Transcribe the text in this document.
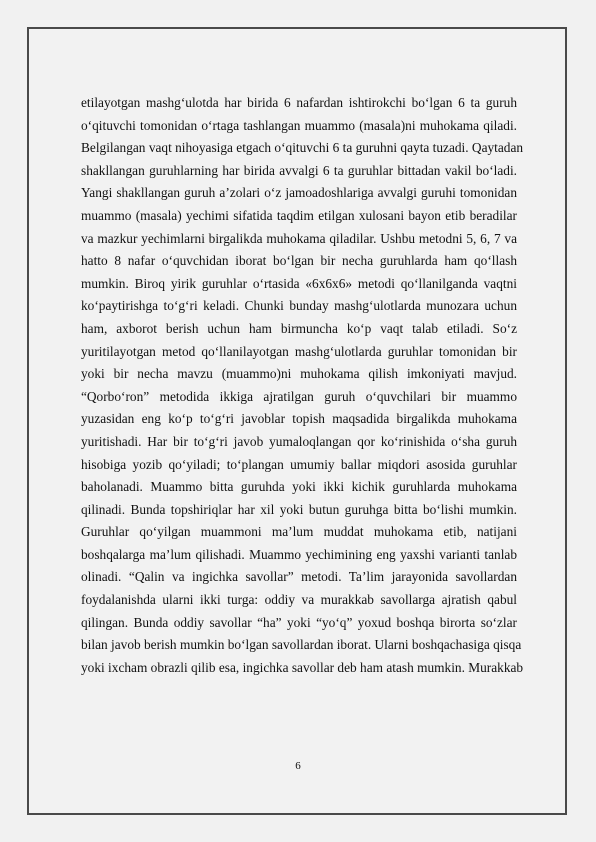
etilayotgan mashg‘ulotda har birida 6 nafardan ishtirokchi bo‘lgan 6 ta guruh
o‘qituvchi tomonidan o‘rtaga tashlangan muammo (masala)ni muhokama qiladi.
Belgilangan vaqt nihoyasiga etgach o‘qituvchi 6 ta guruhni qayta tuzadi. Qaytadan
shakllangan guruhlarning har birida avvalgi 6 ta guruhlar bittadan vakil bo‘ladi.
Yangi shakllangan guruh a’zolari o‘z jamoadoshlariga avvalgi guruhi tomonidan
muammo (masala) yechimi sifatida taqdim etilgan xulosani bayon etib beradilar
va mazkur yechimlarni birgalikda muhokama qiladilar. Ushbu metodni 5, 6, 7 va
hatto 8 nafar o‘quvchidan iborat bo‘lgan bir necha guruhlarda ham qo‘llash
mumkin. Biroq yirik guruhlar o‘rtasida «6x6x6» metodi qo‘llanilganda vaqtni
ko‘paytirishga to‘g‘ri keladi. Chunki bunday mashg‘ulotlarda munozara uchun
ham, axborot berish uchun ham birmuncha ko‘p vaqt talab etiladi. So‘z
yuritilayotgan metod qo‘llanilayotgan mashg‘ulotlarda guruhlar tomonidan bir
yoki bir necha mavzu (muammo)ni muhokama qilish imkoniyati mavjud.
“Qorbo‘ron” metodida ikkiga ajratilgan guruh o‘quvchilari bir muammo
yuzasidan eng ko‘p to‘g‘ri javoblar topish maqsadida birgalikda muhokama
yuritishadi. Har bir to‘g‘ri javob yumaloqlangan qor ko‘rinishida o‘sha guruh
hisobiga yozib qo‘yiladi; to‘plangan umumiy ballar miqdori asosida guruhlar
baholanadi. Muammo bitta guruhda yoki ikki kichik guruhlarda muhokama
qilinadi. Bunda topshiriqlar har xil yoki butun guruhga bitta bo‘lishi mumkin.
Guruhlar qo‘yilgan muammoni ma’lum muddat muhokama etib, natijani
boshqalarga ma’lum qilishadi. Muammo yechimining eng yaxshi varianti tanlab
olinadi. “Qalin va ingichka savollar” metodi. Ta’lim jarayonida savollardan
foydalanishda ularni ikki turga: oddiy va murakkab savollarga ajratish qabul
qilingan. Bunda oddiy savollar “ha” yoki “yo‘q” yoxud boshqa birorta so‘zlar
bilan javob berish mumkin bo‘lgan savollardan iborat. Ularni boshqachasiga qisqa
yoki ixcham obrazli qilib esa, ingichka savollar deb ham atash mumkin. Murakkab
6
